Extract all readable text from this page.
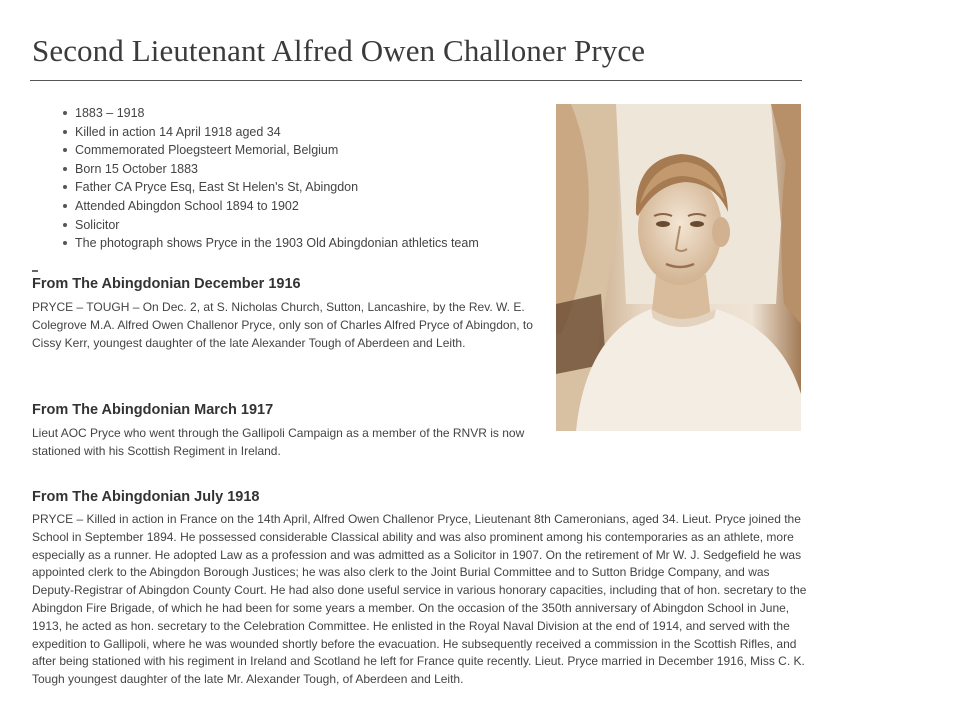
Second Lieutenant Alfred Owen Challoner Pryce
1883 – 1918
Killed in action 14 April 1918 aged 34
Commemorated Ploegsteert Memorial, Belgium
Born 15 October 1883
Father CA Pryce Esq, East St Helen's St, Abingdon
Attended Abingdon School 1894 to 1902
Solicitor
The photograph shows Pryce in the 1903 Old Abingdonian athletics team
From The Abingdonian December 1916

PRYCE – TOUGH – On Dec. 2, at S. Nicholas Church, Sutton, Lancashire, by the Rev. W. E. Colegrove M.A. Alfred Owen Challenor Pryce, only son of Charles Alfred Pryce of Abingdon, to Cissy Kerr, youngest daughter of the late Alexander Tough of Aberdeen and Leith.

From The Abingdonian March 1917

Lieut AOC Pryce who went through the Gallipoli Campaign as a member of the RNVR is now stationed with his Scottish Regiment in Ireland.

From The Abingdonian July 1918

PRYCE – Killed in action in France on the 14th April, Alfred Owen Challenor Pryce, Lieutenant 8th Cameronians, aged 34. Lieut. Pryce joined the School in September 1894. He possessed considerable Classical ability and was also prominent among his contemporaries as an athlete, more especially as a runner. He adopted Law as a profession and was admitted as a Solicitor in 1907. On the retirement of Mr W. J. Sedgefield he was appointed clerk to the Abingdon Borough Justices; he was also clerk to the Joint Burial Committee and to Sutton Bridge Company, and was Deputy-Registrar of Abingdon County Court. He had also done useful service in various honorary capacities, including that of hon. secretary to the Abingdon Fire Brigade, of which he had been for some years a member. On the occasion of the 350th anniversary of Abingdon School in June, 1913, he acted as hon. secretary to the Celebration Committee. He enlisted in the Royal Naval Division at the end of 1914, and served with the expedition to Gallipoli, where he was wounded shortly before the evacuation. He subsequently received a commission in the Scottish Rifles, and after being stationed with his regiment in Ireland and Scotland he left for France quite recently. Lieut. Pryce married in December 1916, Miss C. K. Tough youngest daughter of the late Mr. Alexander Tough, of Aberdeen and Leith.
